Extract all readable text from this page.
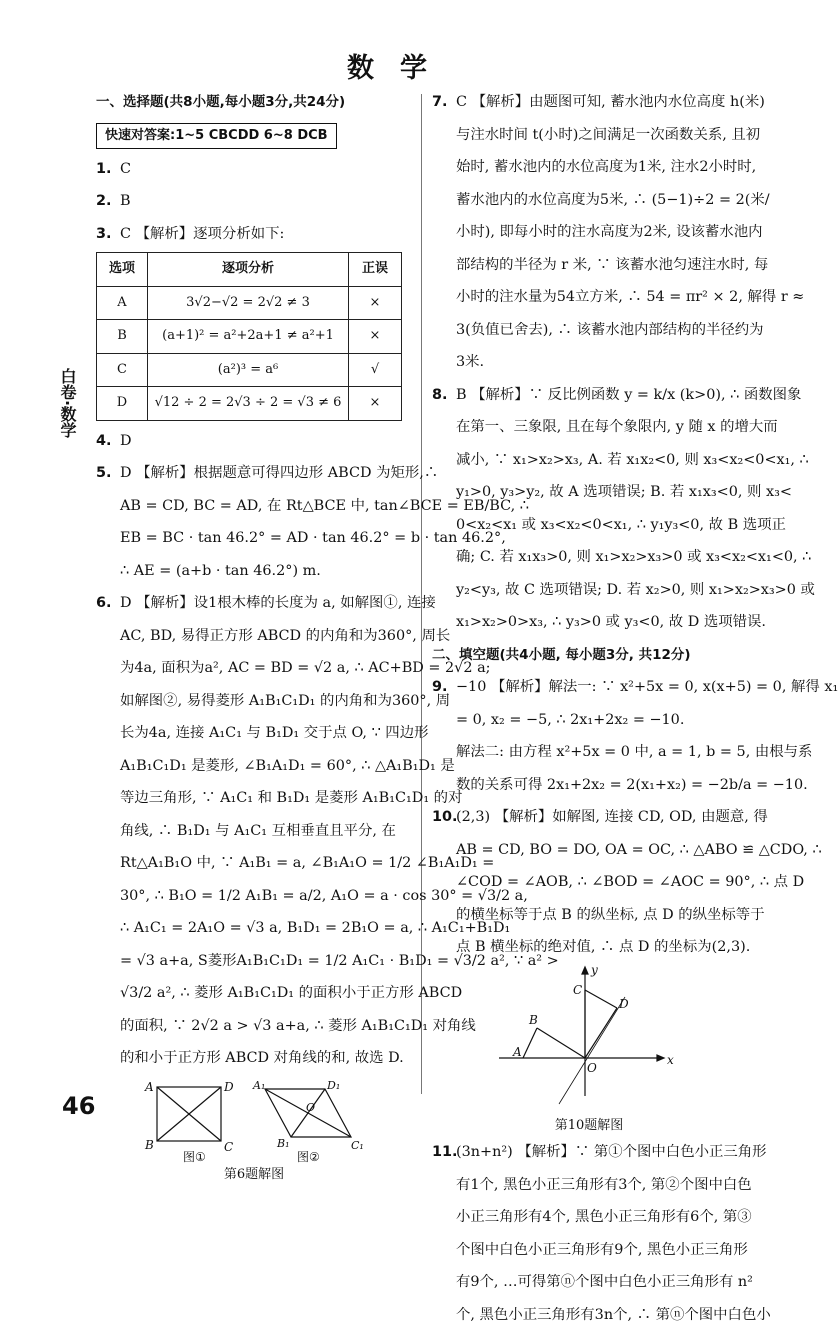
数学
白卷·数学
一、选择题(共8小题,每小题3分,共24分)
快速对答案:1~5 CBCDD 6~8 DCB
1. C
2. B
3. C 【解析】逐项分析如下:
选项	逐项分析	正误
A	3√2−√2 = 2√2 ≠ 3	×
B	(a+1)² = a²+2a+1 ≠ a²+1	×
C	(a²)³ = a⁶	√
D	√12 ÷ 2 = 2√3 ÷ 2 = √3 ≠ 6	×
4. D
5. D 【解析】根据题意可得四边形 ABCD 为矩形,∴
AB = CD, BC = AD, 在 Rt△BCE 中, tan∠BCE = EB/BC, ∴
EB = BC · tan 46.2° = AD · tan 46.2° = b · tan 46.2°,
∴ AE = (a+b · tan 46.2°) m.
6. D 【解析】设1根木棒的长度为 a, 如解图①, 连接
AC, BD, 易得正方形 ABCD 的内角和为360°, 周长
为4a, 面积为a², AC = BD = √2 a, ∴ AC+BD = 2√2 a;
如解图②, 易得菱形 A₁B₁C₁D₁ 的内角和为360°, 周
长为4a, 连接 A₁C₁ 与 B₁D₁ 交于点 O, ∵ 四边形
A₁B₁C₁D₁ 是菱形, ∠B₁A₁D₁ = 60°, ∴ △A₁B₁D₁ 是
等边三角形, ∵ A₁C₁ 和 B₁D₁ 是菱形 A₁B₁C₁D₁ 的对
角线, ∴ B₁D₁ 与 A₁C₁ 互相垂直且平分, 在
Rt△A₁B₁O 中, ∵ A₁B₁ = a, ∠B₁A₁O = 1/2 ∠B₁A₁D₁ =
30°, ∴ B₁O = 1/2 A₁B₁ = a/2, A₁O = a · cos 30° = √3/2 a,
∴ A₁C₁ = 2A₁O = √3 a, B₁D₁ = 2B₁O = a, ∴ A₁C₁+B₁D₁
= √3 a+a, S菱形A₁B₁C₁D₁ = 1/2 A₁C₁ · B₁D₁ = √3/2 a², ∵ a² >
√3/2 a², ∴ 菱形 A₁B₁C₁D₁ 的面积小于正方形 ABCD
的面积, ∵ 2√2 a > √3 a+a, ∴ 菱形 A₁B₁C₁D₁ 对角线
的和小于正方形 ABCD 对角线的和, 故选 D.
A	D
B	C
图①
A₁	D₁
B₁	C₁
O
图②
第6题解图
7. C 【解析】由题图可知, 蓄水池内水位高度 h(米)
与注水时间 t(小时)之间满足一次函数关系, 且初
始时, 蓄水池内的水位高度为1米, 注水2小时时,
蓄水池内的水位高度为5米, ∴ (5−1)÷2 = 2(米/
小时), 即每小时的注水高度为2米, 设该蓄水池内
部结构的半径为 r 米, ∵ 该蓄水池匀速注水时, 每
小时的注水量为54立方米, ∴ 54 = πr² × 2, 解得 r ≈
3(负值已舍去), ∴ 该蓄水池内部结构的半径约为
3米.
8. B 【解析】∵ 反比例函数 y = k/x (k>0), ∴ 函数图象
在第一、三象限, 且在每个象限内, y 随 x 的增大而
减小, ∵ x₁>x₂>x₃, A. 若 x₁x₂<0, 则 x₃<x₂<0<x₁, ∴
y₁>0, y₃>y₂, 故 A 选项错误; B. 若 x₁x₃<0, 则 x₃<
0<x₂<x₁ 或 x₃<x₂<0<x₁, ∴ y₁y₃<0, 故 B 选项正
确; C. 若 x₁x₃>0, 则 x₁>x₂>x₃>0 或 x₃<x₂<x₁<0, ∴
y₂<y₃, 故 C 选项错误; D. 若 x₂>0, 则 x₁>x₂>x₃>0 或
x₁>x₂>0>x₃, ∴ y₃>0 或 y₃<0, 故 D 选项错误.
二、填空题(共4小题, 每小题3分, 共12分)
9. −10 【解析】解法一: ∵ x²+5x = 0, x(x+5) = 0, 解得 x₁
= 0, x₂ = −5, ∴ 2x₁+2x₂ = −10.
解法二: 由方程 x²+5x = 0 中, a = 1, b = 5, 由根与系
数的关系可得 2x₁+2x₂ = 2(x₁+x₂) = −2b/a = −10.
10.(2,3) 【解析】如解图, 连接 CD, OD, 由题意, 得
AB = CD, BO = DO, OA = OC, ∴ △ABO ≌ △CDO, ∴
∠COD = ∠AOB, ∴ ∠BOD = ∠AOC = 90°, ∴ 点 D
的横坐标等于点 B 的纵坐标, 点 D 的纵坐标等于
点 B 横坐标的绝对值, ∴ 点 D 的坐标为(2,3).
y
x
O
A
B
C
D
第10题解图
11.(3n+n²) 【解析】∵ 第①个图中白色小正三角形
有1个, 黑色小正三角形有3个, 第②个图中白色
小正三角形有4个, 黑色小正三角形有6个, 第③
个图中白色小正三角形有9个, 黑色小正三角形
有9个, …可得第ⓝ个图中白色小正三角形有 n²
个, 黑色小正三角形有3n个, ∴ 第ⓝ个图中白色小
46
